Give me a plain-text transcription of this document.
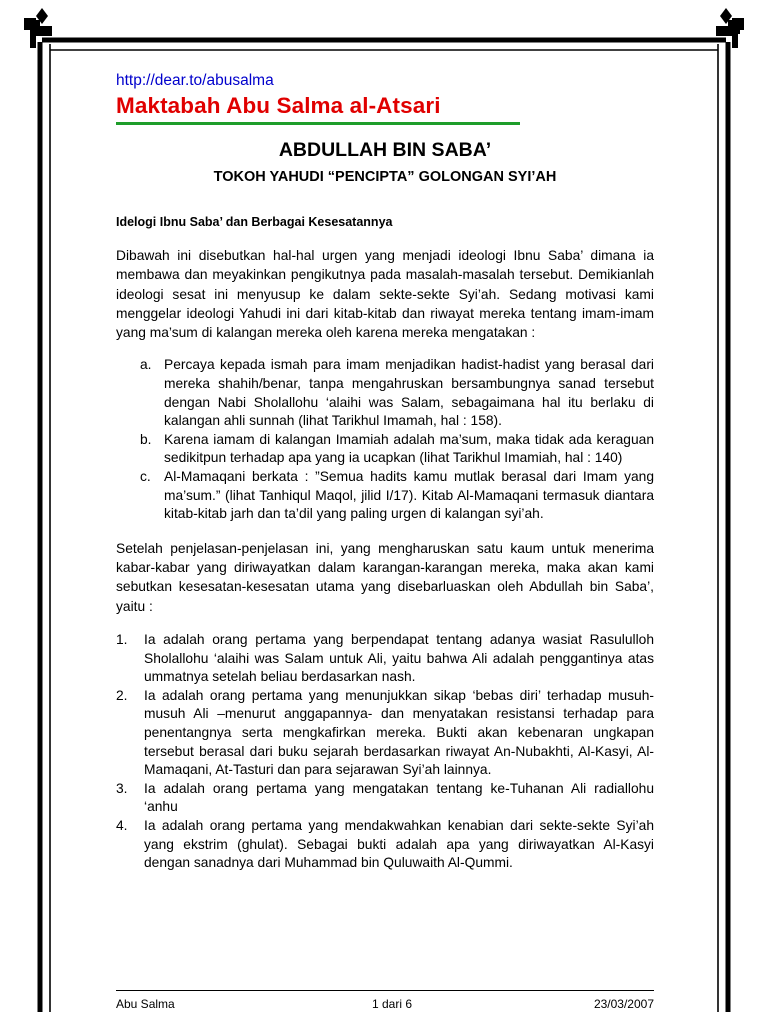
http://dear.to/abusalma

Maktabah Abu Salma al-Atsari

ABDULLAH BIN SABA’
TOKOH YAHUDI “PENCIPTA” GOLONGAN SYI’AH
Idelogi Ibnu Saba’ dan Berbagai Kesesatannya

Dibawah ini disebutkan hal-hal urgen yang menjadi ideologi Ibnu Saba’ dimana ia membawa dan meyakinkan pengikutnya pada masalah-masalah tersebut. Demikianlah ideologi sesat ini menyusup ke dalam sekte-sekte Syi’ah. Sedang motivasi kami menggelar ideologi Yahudi ini dari kitab-kitab dan riwayat mereka tentang imam-imam yang ma’sum di kalangan mereka oleh karena mereka mengatakan :

a. Percaya kepada ismah para imam menjadikan hadist-hadist yang berasal dari mereka shahih/benar, tanpa mengahruskan bersambungnya sanad tersebut dengan Nabi Sholallohu ‘alaihi was Salam, sebagaimana hal itu berlaku di kalangan ahli sunnah (lihat Tarikhul Imamah, hal : 158).
b. Karena iamam di kalangan Imamiah adalah ma’sum, maka tidak ada keraguan sedikitpun terhadap apa yang ia ucapkan (lihat Tarikhul Imamiah, hal : 140)
c. Al-Mamaqani berkata : ”Semua hadits kamu mutlak berasal dari Imam yang ma’sum.” (lihat Tanhiqul Maqol, jilid I/17). Kitab Al-Mamaqani termasuk diantara kitab-kitab jarh dan ta’dil yang paling urgen di kalangan syi’ah.

Setelah penjelasan-penjelasan ini, yang mengharuskan satu kaum untuk menerima kabar-kabar yang diriwayatkan dalam karangan-karangan mereka, maka akan kami sebutkan kesesatan-kesesatan utama yang disebarluaskan oleh Abdullah bin Saba’, yaitu :

1. Ia adalah orang pertama yang berpendapat tentang adanya wasiat Rasululloh Sholallohu ‘alaihi was Salam untuk Ali, yaitu bahwa Ali adalah penggantinya atas ummatnya setelah beliau berdasarkan nash.
2. Ia adalah orang pertama yang menunjukkan sikap ‘bebas diri’ terhadap musuh-musuh Ali –menurut anggapannya- dan menyatakan resistansi terhadap para penentangnya serta mengkafirkan mereka. Bukti akan kebenaran ungkapan tersebut berasal dari buku sejarah berdasarkan riwayat An-Nubakhti, Al-Kasyi, Al-Mamaqani, At-Tasturi dan para sejarawan Syi’ah lainnya.
3. Ia adalah orang pertama yang mengatakan tentang ke-Tuhanan Ali radiallohu ‘anhu
4. Ia adalah orang pertama yang mendakwahkan kenabian dari sekte-sekte Syi’ah yang ekstrim (ghulat). Sebagai bukti adalah apa yang diriwayatkan Al-Kasyi dengan sanadnya dari Muhammad bin Quluwaith Al-Qummi.
Abu Salma	1 dari 6	23/03/2007
